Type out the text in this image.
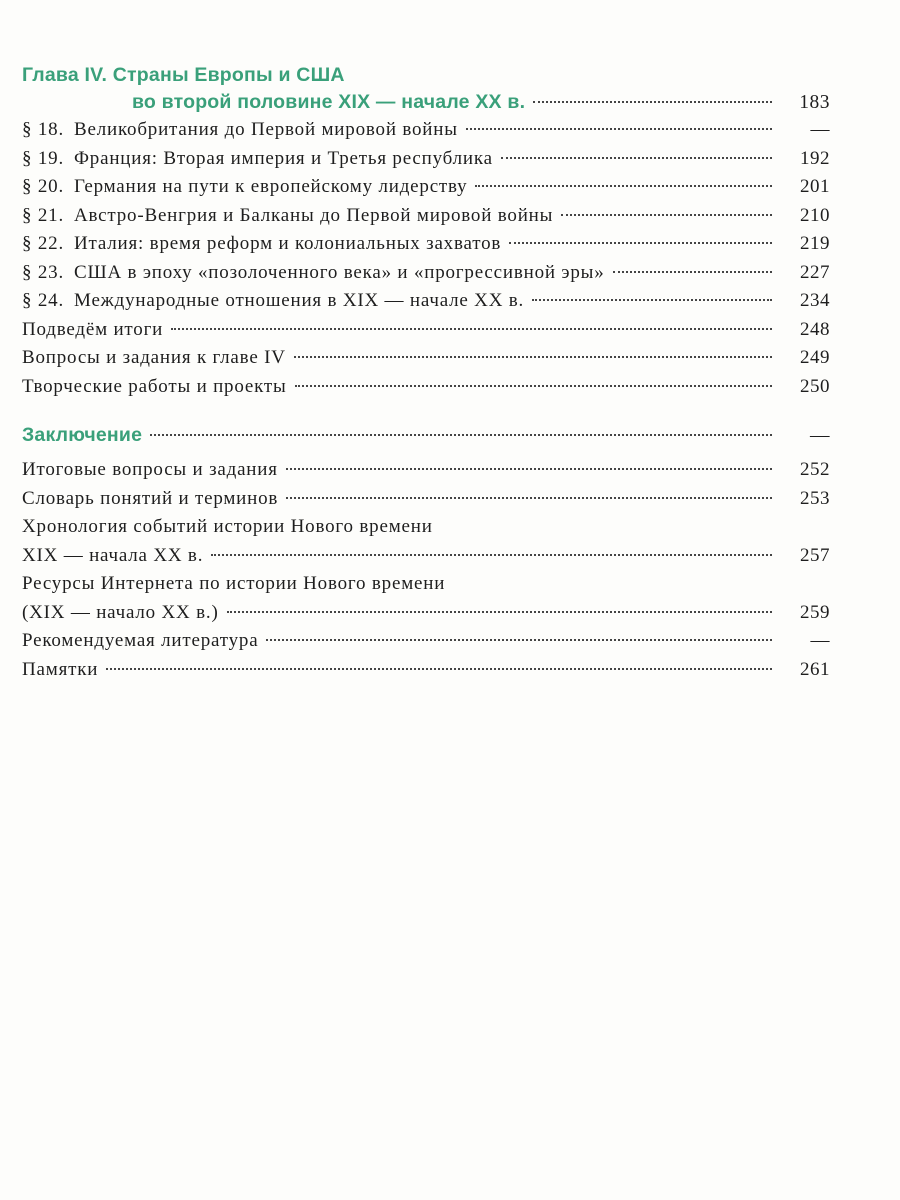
Глава IV. Страны Европы и США
во второй половине XIX — начале XX в.	183
§ 18. Великобритания до Первой мировой войны	—
§ 19. Франция: Вторая империя и Третья республика	192
§ 20. Германия на пути к европейскому лидерству	201
§ 21. Австро-Венгрия и Балканы до Первой мировой войны	210
§ 22. Италия: время реформ и колониальных захватов	219
§ 23. США в эпоху «позолоченного века» и «прогрессивной эры»	227
§ 24. Международные отношения в XIX — начале XX в.	234
Подведём итоги	248
Вопросы и задания к главе IV	249
Творческие работы и проекты	250
Заключение	—
Итоговые вопросы и задания	252
Словарь понятий и терминов	253
Хронология событий истории Нового времени
XIX — начала XX в.	257
Ресурсы Интернета по истории Нового времени
(XIX — начало XX в.)	259
Рекомендуемая литература	—
Памятки	261
